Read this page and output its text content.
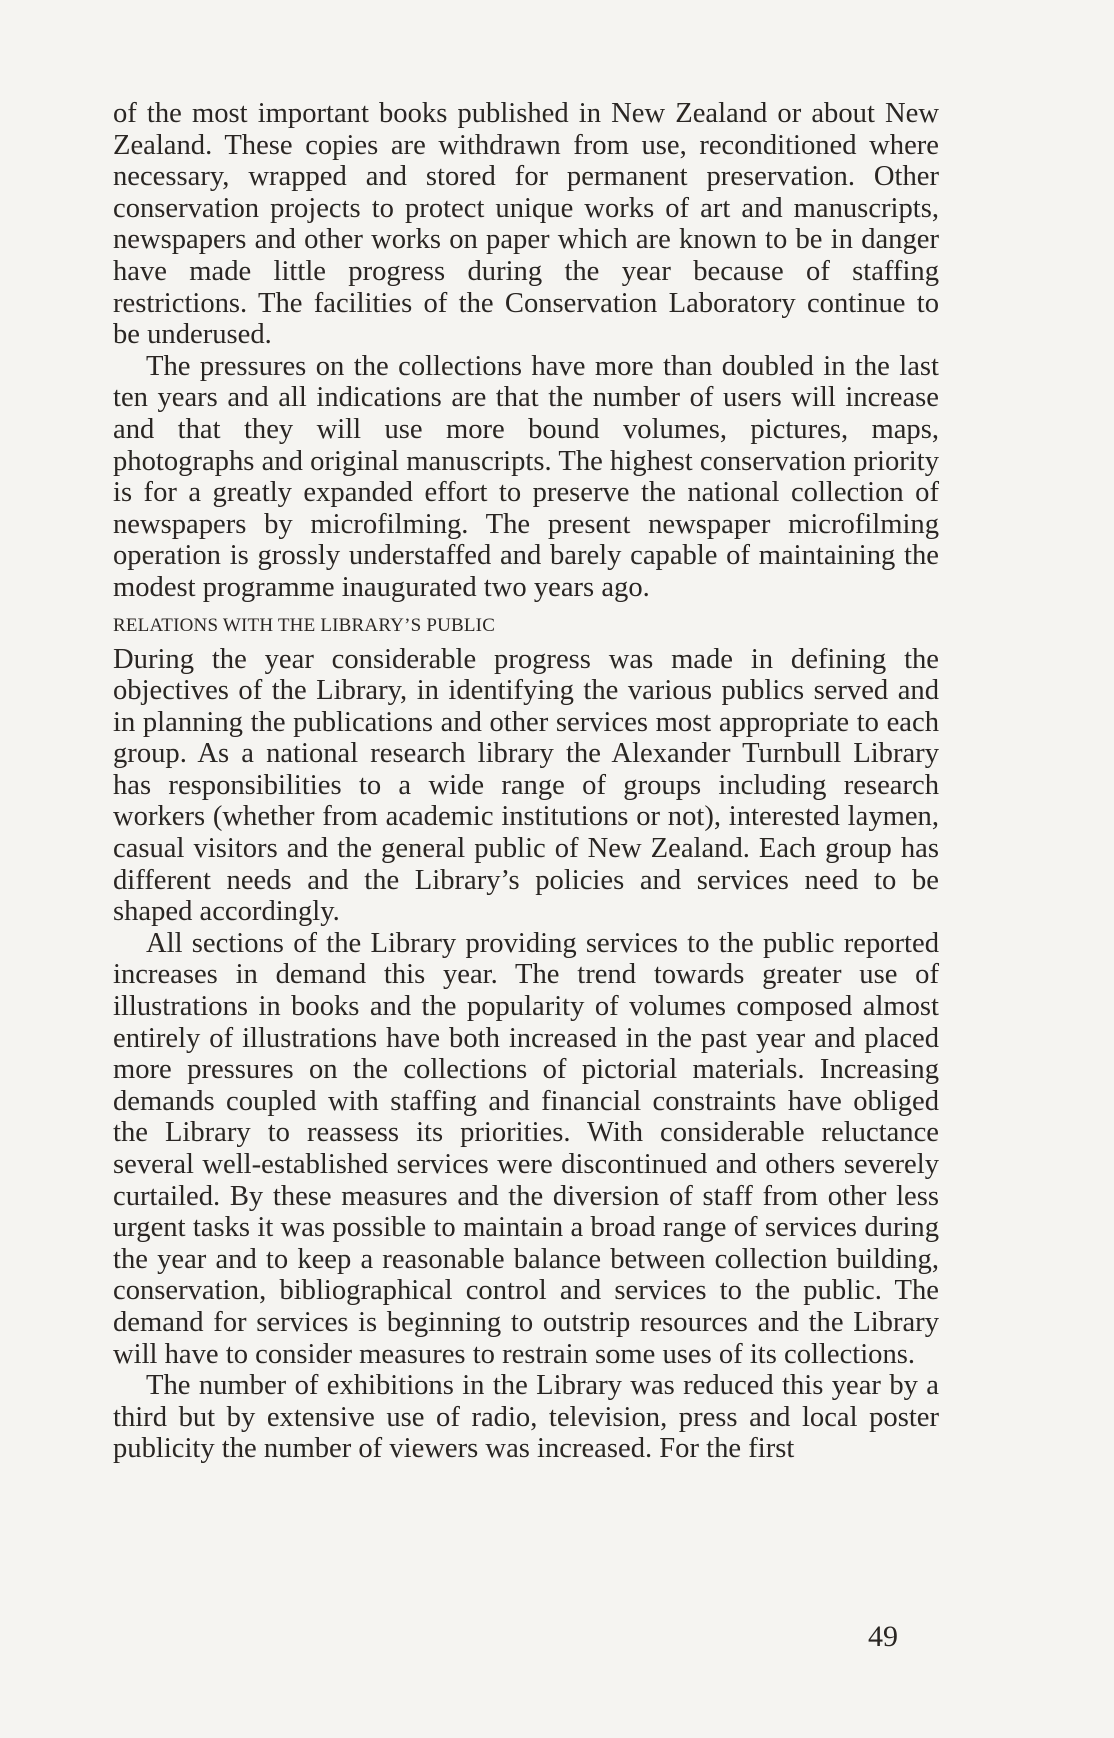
of the most important books published in New Zealand or about New Zealand. These copies are withdrawn from use, reconditioned where necessary, wrapped and stored for permanent preservation. Other conservation projects to protect unique works of art and manuscripts, newspapers and other works on paper which are known to be in danger have made little progress during the year because of staffing restrictions. The facilities of the Conservation Laboratory continue to be underused.

The pressures on the collections have more than doubled in the last ten years and all indications are that the number of users will increase and that they will use more bound volumes, pictures, maps, photographs and original manuscripts. The highest conservation priority is for a greatly expanded effort to preserve the national collection of newspapers by microfilming. The present newspaper microfilming operation is grossly understaffed and barely capable of maintaining the modest programme inaugurated two years ago.

RELATIONS WITH THE LIBRARY’S PUBLIC

During the year considerable progress was made in defining the objectives of the Library, in identifying the various publics served and in planning the publications and other services most appropriate to each group. As a national research library the Alexander Turnbull Library has responsibilities to a wide range of groups including research workers (whether from academic institutions or not), interested laymen, casual visitors and the general public of New Zealand. Each group has different needs and the Library’s policies and services need to be shaped accordingly.

All sections of the Library providing services to the public reported increases in demand this year. The trend towards greater use of illustrations in books and the popularity of volumes composed almost entirely of illustrations have both increased in the past year and placed more pressures on the collections of pictorial materials. Increasing demands coupled with staffing and financial constraints have obliged the Library to reassess its priorities. With considerable reluctance several well-established services were discontinued and others severely curtailed. By these measures and the diversion of staff from other less urgent tasks it was possible to maintain a broad range of services during the year and to keep a reasonable balance between collection building, conservation, bibliographical control and services to the public. The demand for services is beginning to outstrip resources and the Library will have to consider measures to restrain some uses of its collections.

The number of exhibitions in the Library was reduced this year by a third but by extensive use of radio, television, press and local poster publicity the number of viewers was increased. For the first

49
